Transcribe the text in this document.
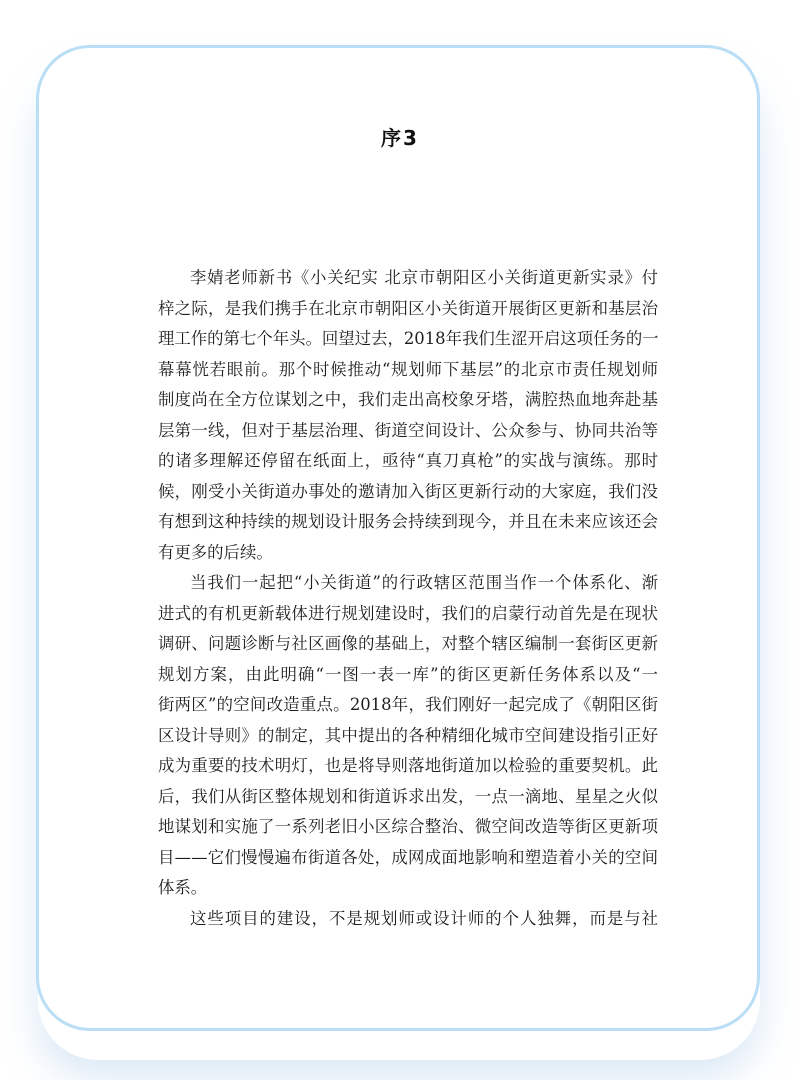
序3
李婧老师新书《小关纪实 北京市朝阳区小关街道更新实录》付
梓之际，是我们携手在北京市朝阳区小关街道开展街区更新和基层治
理工作的第七个年头。回望过去，2018年我们生涩开启这项任务的一
幕幕恍若眼前。那个时候推动“规划师下基层”的北京市责任规划师
制度尚在全方位谋划之中，我们走出高校象牙塔，满腔热血地奔赴基
层第一线，但对于基层治理、街道空间设计、公众参与、协同共治等
的诸多理解还停留在纸面上，亟待“真刀真枪”的实战与演练。那时
候，刚受小关街道办事处的邀请加入街区更新行动的大家庭，我们没
有想到这种持续的规划设计服务会持续到现今，并且在未来应该还会
有更多的后续。
当我们一起把“小关街道”的行政辖区范围当作一个体系化、渐
进式的有机更新载体进行规划建设时，我们的启蒙行动首先是在现状
调研、问题诊断与社区画像的基础上，对整个辖区编制一套街区更新
规划方案，由此明确“一图一表一库”的街区更新任务体系以及“一
街两区”的空间改造重点。2018年，我们刚好一起完成了《朝阳区街
区设计导则》的制定，其中提出的各种精细化城市空间建设指引正好
成为重要的技术明灯，也是将导则落地街道加以检验的重要契机。此
后，我们从街区整体规划和街道诉求出发，一点一滴地、星星之火似
地谋划和实施了一系列老旧小区综合整治、微空间改造等街区更新项
目——它们慢慢遍布街道各处，成网成面地影响和塑造着小关的空间
体系。
这些项目的建设，不是规划师或设计师的个人独舞，而是与社
